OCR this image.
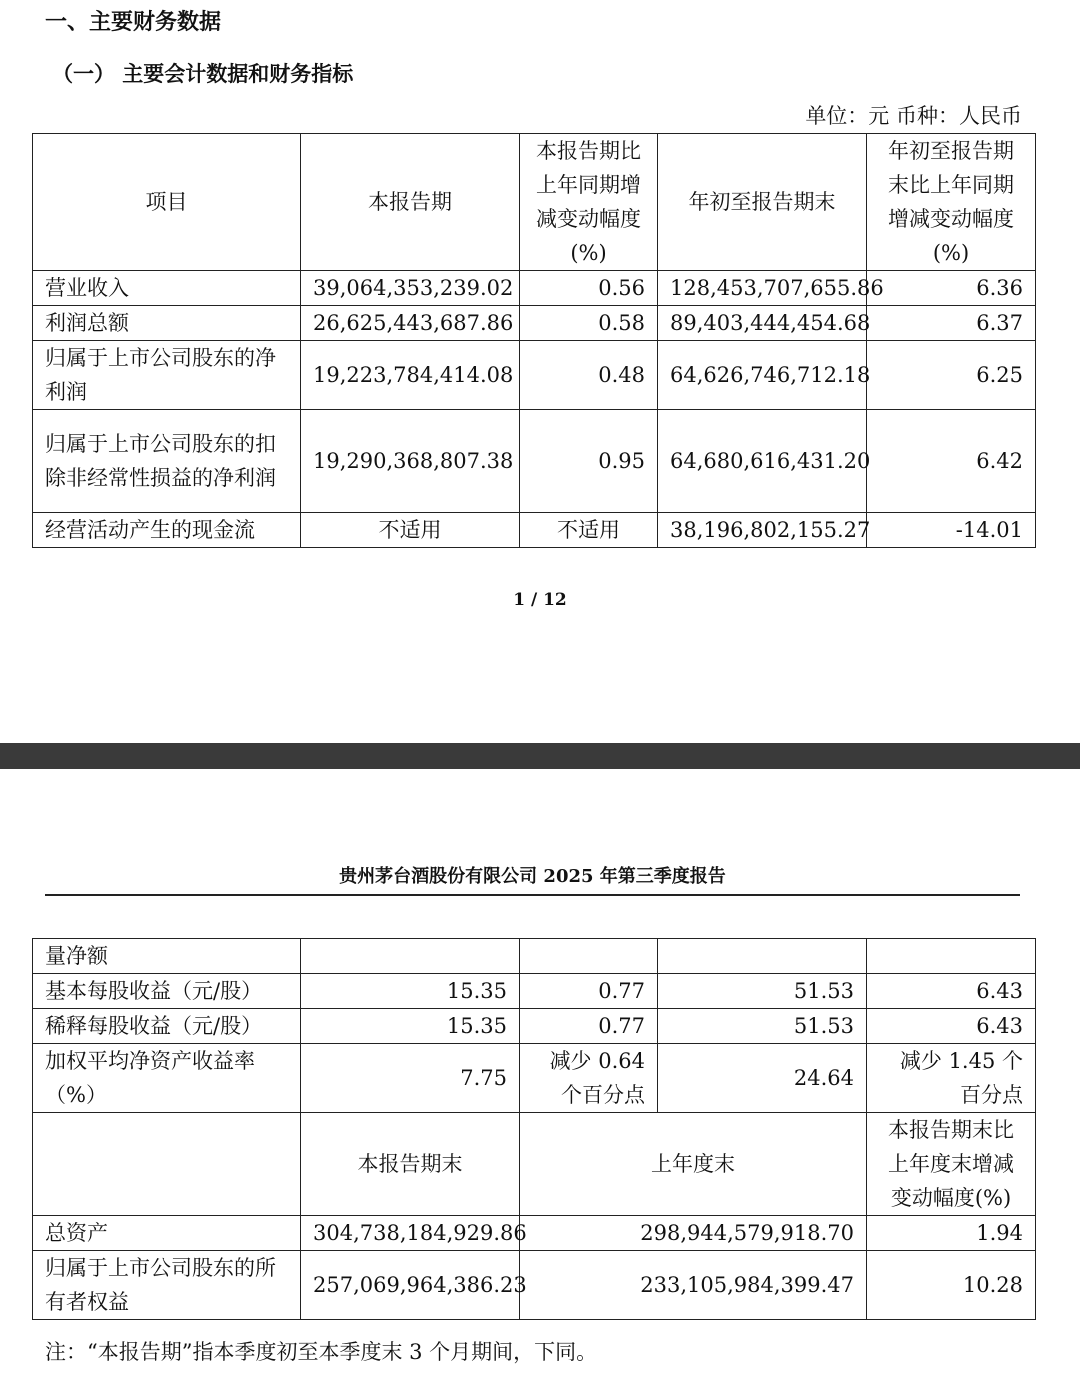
一、主要财务数据
（一） 主要会计数据和财务指标
单位：元 币种：人民币
项目	本报告期	本报告期比上年同期增减变动幅度(%)	年初至报告期末	年初至报告期末比上年同期增减变动幅度(%)
营业收入	39,064,353,239.02	0.56	128,453,707,655.86	6.36
利润总额	26,625,443,687.86	0.58	89,403,444,454.68	6.37
归属于上市公司股东的净利润	19,223,784,414.08	0.48	64,626,746,712.18	6.25
归属于上市公司股东的扣除非经常性损益的净利润	19,290,368,807.38	0.95	64,680,616,431.20	6.42
经营活动产生的现金流	不适用	不适用	38,196,802,155.27	-14.01
1 / 12
贵州茅台酒股份有限公司 2025 年第三季度报告
量净额				
基本每股收益（元/股）	15.35	0.77	51.53	6.43
稀释每股收益（元/股）	15.35	0.77	51.53	6.43
加权平均净资产收益率（%）	7.75	减少 0.64 个百分点	24.64	减少 1.45 个百分点
	本报告期末	上年度末		本报告期末比上年度末增减变动幅度(%)
总资产	304,738,184,929.86	298,944,579,918.70		1.94
归属于上市公司股东的所有者权益	257,069,964,386.23	233,105,984,399.47		10.28
注：“本报告期”指本季度初至本季度末 3 个月期间，下同。
